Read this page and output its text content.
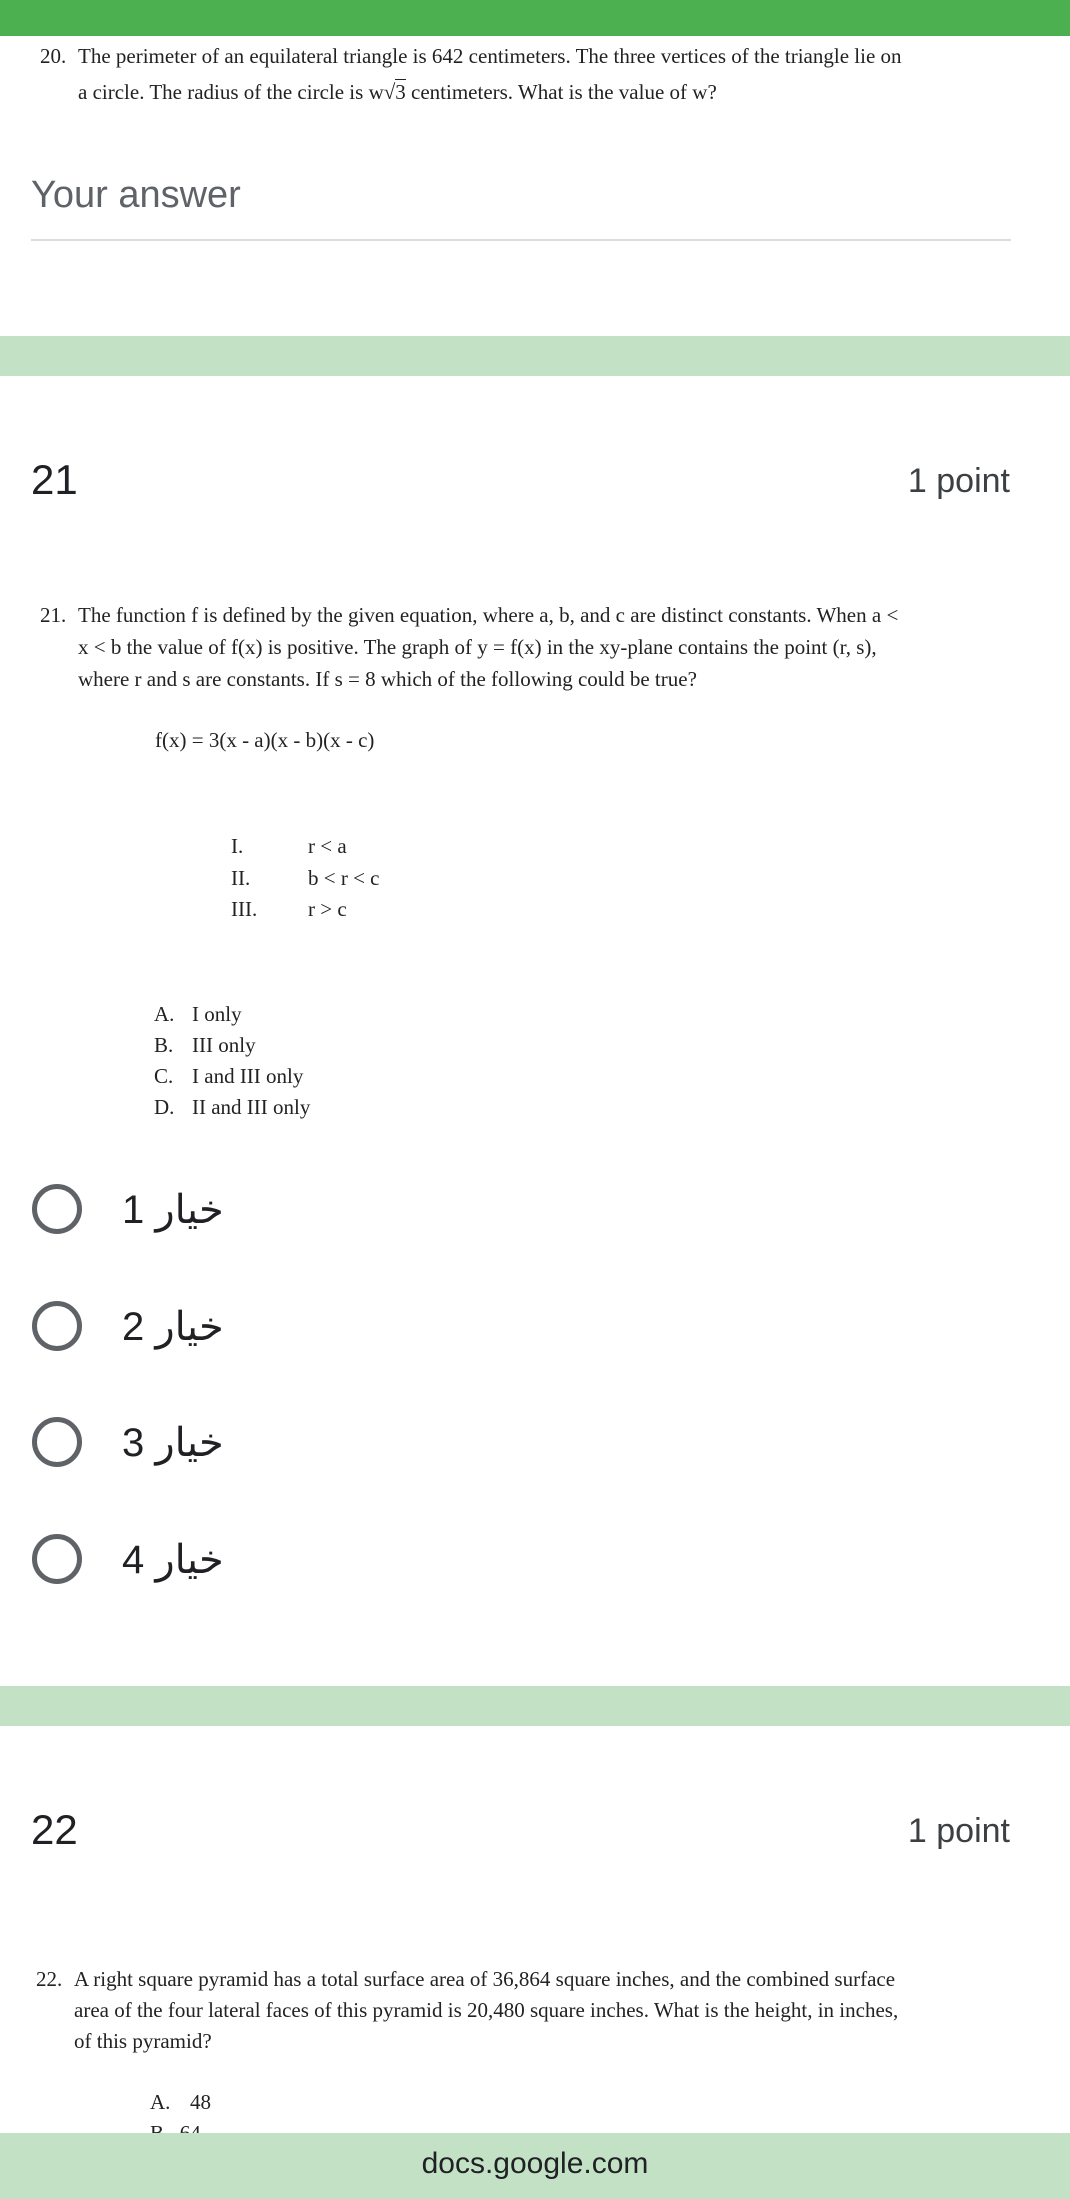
20. The perimeter of an equilateral triangle is 642 centimeters. The three vertices of the triangle lie on
a circle. The radius of the circle is w√3 centimeters. What is the value of w?
Your answer
21	1 point
21. The function f is defined by the given equation, where a, b, and c are distinct constants. When a <
x < b the value of f(x) is positive. The graph of y = f(x) in the xy-plane contains the point (r, s),
where r and s are constants. If s = 8 which of the following could be true?
f(x) = 3(x - a)(x - b)(x - c)
I.	r < a
II.	b < r < c
III. r > c
A. I only
B. III only
C. I and III only
D. II and III only
خيار 1
خيار 2
خيار 3
خيار 4
22	1 point
22. A right square pyramid has a total surface area of 36,864 square inches, and the combined surface
area of the four lateral faces of this pyramid is 20,480 square inches. What is the height, in inches,
of this pyramid?
A. 48
docs.google.com
